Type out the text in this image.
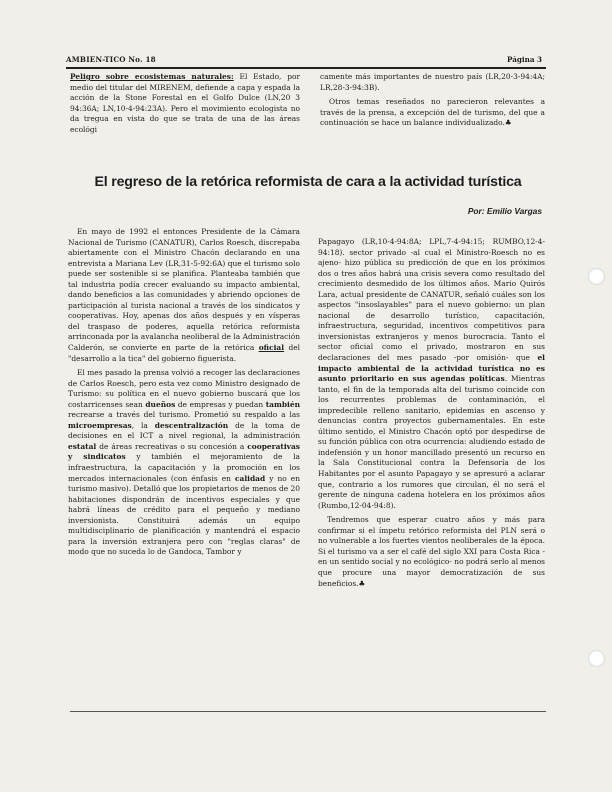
AMBIEN-TICO No. 18	Página 3

Peligro sobre ecosistemas naturales: El Estado, por medio del titular del MIRENEM, defiende a capa y espada la acción de la Stone Forestal en el Golfo Dulce (LN,20 3 94:36A; LN,10-4-94:23A). Pero el movimiento ecologista no da tregua en vista do que se trata de una de las áreas ecológi

camente más importantes de nuestro país (LR,20-3-94:4A; LR,28-3-94:3B).

Otros temas reseñados no parecieron relevantes a través de la prensa, a excepción del de turismo, del que a continuación se hace un balance individualizado.♣

El regreso de la retórica reformista de cara a la actividad turística
Por: Emilio Vargas

En mayo de 1992 el entonces Presidente de la Cámara Nacional de Turismo (CANATUR), Carlos Roesch, discrepaba abiertamente con el Ministro Chacón declarando en una entrevista a Mariana Lev (LR,31-5-92:6A) que el turismo solo puede ser sostenible si se planifica. Planteaba también que tal industria podía crecer evaluando su impacto ambiental, dando beneficios a las comunidades y abriendo opciones de participación al turista nacional a través de los sindicatos y cooperativas. Hoy, apenas dos años después y en vísperas del traspaso de poderes, aquella retórica reformista arrinconada por la avalancha neoliberal de la Administración Calderón, se convierte en parte de la retórica oficial del "desarrollo a la tica" del gobierno figuerista.

El mes pasado la prensa volvió a recoger las declaraciones de Carlos Roesch, pero esta vez como Ministro designado de Turismo: su política en el nuevo gobierno buscará que los costarricenses sean dueños de empresas y puedan también recrearse a través del turismo. Prometió su respaldo a las microempresas, la descentralización de la toma de decisiones en el ICT a nivel regional, la administración estatal de áreas recreativas o su concesión a cooperativas y sindicatos y también el mejoramiento de la infraestructura, la capacitación y la promoción en los mercados internacionales (con énfasis en calidad y no en turismo masivo). Detalló que los propietarios de menos de 20 habitaciones dispondrán de incentivos especiales y que habrá líneas de crédito para el pequeño y mediano inversionista. Constituirá además un equipo multidisciplinario de planificación y mantendrá el espacio para la inversión extranjera pero con "reglas claras" de modo que no suceda lo de Gandoca, Tambor y

Papagayo (LR,10-4-94:8A; LPL,7-4-94:15; RUMBO,12-4-94:18). sector privado -al cual el Ministro-Roesch no es ajeno- hizo pública su predicción de que en los próximos dos o tres años habrá una crisis severa como resultado del crecimiento desmedido de los últimos años. Mario Quirós Lara, actual presidente de CANATUR, señaló cuáles son los aspectos "insoslayables" para el nuevo gobierno: un plan nacional de desarrollo turístico, capacitación, infraestructura, seguridad, incentivos competitivos para inversionistas extranjeros y menos burocracia. Tanto el sector oficial como el privado, mostraron en sus declaraciones del mes pasado -por omisión- que el impacto ambiental de la actividad turística no es asunto prioritario en sus agendas políticas. Mientras tanto, el fin de la temporada alta del turismo coincide con los recurrentes problemas de contaminación, el impredecible relleno sanitario, epidemias en ascenso y denuncias contra proyectos gubernamentales. En este último sentido, el Ministro Chacón optó por despedirse de su función pública con otra ocurrencia: aludiendo estado de indefensión y un honor mancillado presentó un recurso en la Sala Constitucional contra la Defensoría de los Habitantes por el asunto Papagayo y se apresuró a aclarar que, contrario a los rumores que circulan, él no será el gerente de ninguna cadena hotelera en los próximos años (Rumbo,12-04-94:8).

Tendremos que esperar cuatro años y más para confirmar si el ímpetu retórico reformista del PLN será o no vulnerable a los fuertes vientos neoliberales de la época. Si el turismo va a ser el café del siglo XXI para Costa Rica -en un sentido social y no ecológico- no podrá serlo al menos que procure una mayor democratización de sus beneficios.♣
